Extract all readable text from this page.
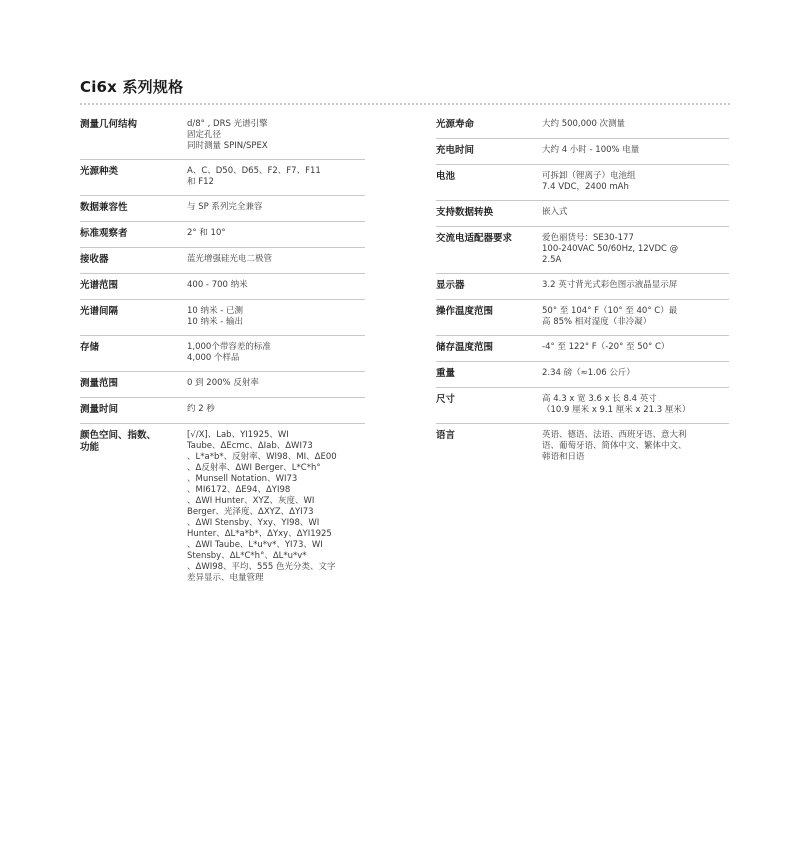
Ci6x 系列规格
测量几何结构	d/8° , DRS 光谱引擎
固定孔径
同时测量 SPIN/SPEX
光源种类	A、C、D50、D65、F2、F7、F11
和 F12
数据兼容性	与 SP 系列完全兼容
标准观察者	2° 和 10°
接收器	蓝光增强硅光电二极管
光谱范围	400 - 700 纳米
光谱间隔	10 纳米 - 已测
10 纳米 - 输出
存储	1,000个带容差的标准
4,000 个样品
测量范围	0 到 200% 反射率
测量时间	约 2 秒
颜色空间、指数、
功能
[√/X]、Lab、YI1925、WI
Taube、ΔEcmc、ΔIab、ΔWI73
、L*a*b*、反射率、WI98、MI、ΔE00
、Δ反射率、ΔWI Berger、L*C*h°
、Munsell Notation、WI73
、MI6172、ΔE94、ΔYI98
、ΔWI Hunter、XYZ、灰度、WI
Berger、光泽度、ΔXYZ、ΔYI73
、ΔWI Stensby、Yxy、YI98、WI
Hunter、ΔL*a*b*、ΔYxy、ΔYI1925
、ΔWI Taube、L*u*v*、YI73、WI
Stensby、ΔL*C*h°、ΔL*u*v*
、ΔWI98、平均、555 色光分类、文字
差异显示、电量管理
光源寿命	大约 500,000 次测量
充电时间	大约 4 小时 - 100% 电量
电池	可拆卸（锂离子）电池组
7.4 VDC，2400 mAh
支持数据转换	嵌入式
交流电适配器要求	爱色丽货号：SE30-177
100-240VAC 50/60Hz, 12VDC @
2.5A
显示器	3.2 英寸背光式彩色图示液晶显示屏
操作温度范围	50° 至 104° F（10° 至 40° C）最
高 85% 相对湿度（非冷凝）
储存温度范围	-4° 至 122° F（-20° 至 50° C）
重量	2.34 磅（≈1.06 公斤）
尺寸	高 4.3 x 宽 3.6 x 长 8.4 英寸
（10.9 厘米 x 9.1 厘米 x 21.3 厘米）
语言	英语、德语、法语、西班牙语、意大利
语、葡萄牙语、简体中文、繁体中文、
韩语和日语
